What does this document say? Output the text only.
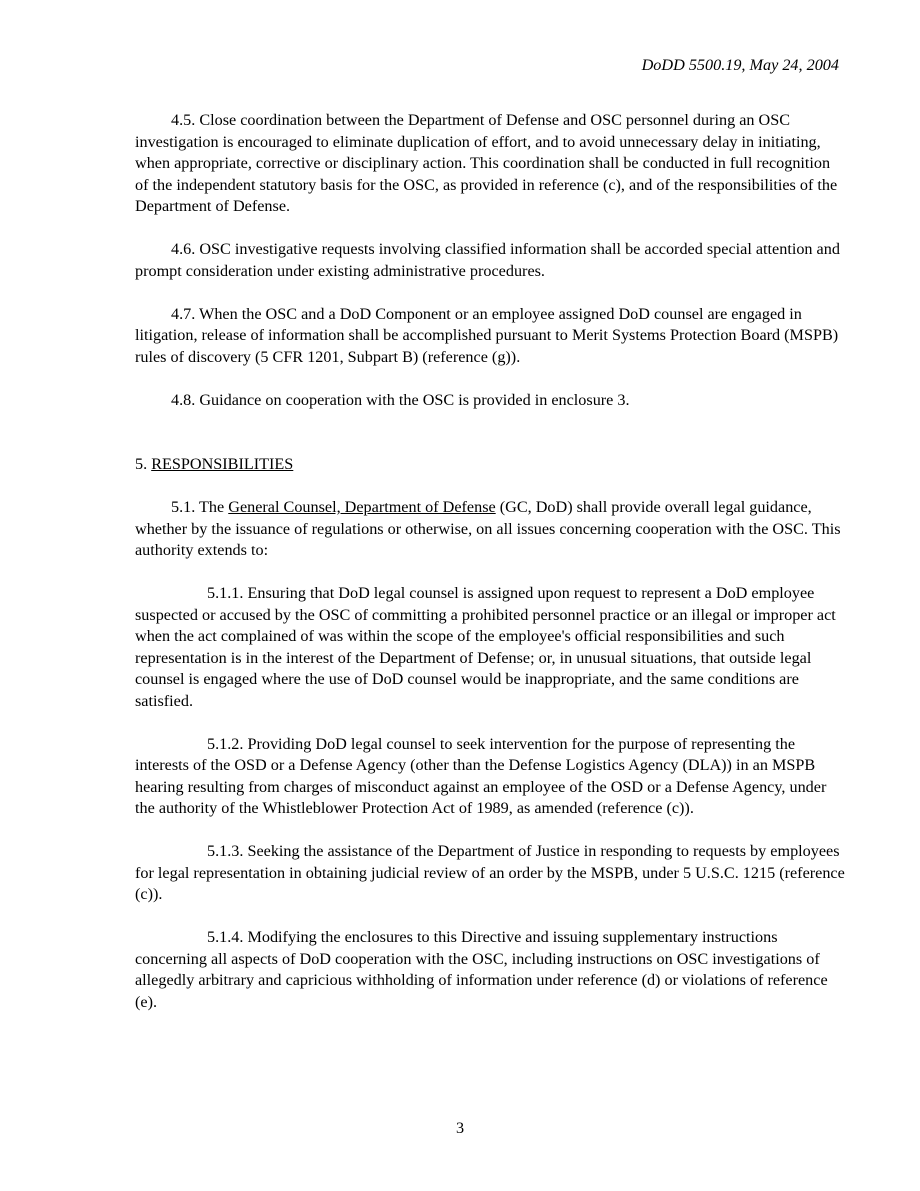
DoDD 5500.19, May 24, 2004

4.5. Close coordination between the Department of Defense and OSC personnel during an OSC investigation is encouraged to eliminate duplication of effort, and to avoid unnecessary delay in initiating, when appropriate, corrective or disciplinary action. This coordination shall be conducted in full recognition of the independent statutory basis for the OSC, as provided in reference (c), and of the responsibilities of the Department of Defense.

4.6. OSC investigative requests involving classified information shall be accorded special attention and prompt consideration under existing administrative procedures.

4.7. When the OSC and a DoD Component or an employee assigned DoD counsel are engaged in litigation, release of information shall be accomplished pursuant to Merit Systems Protection Board (MSPB) rules of discovery (5 CFR 1201, Subpart B) (reference (g)).

4.8. Guidance on cooperation with the OSC is provided in enclosure 3.

5. RESPONSIBILITIES

5.1. The General Counsel, Department of Defense (GC, DoD) shall provide overall legal guidance, whether by the issuance of regulations or otherwise, on all issues concerning cooperation with the OSC. This authority extends to:

5.1.1. Ensuring that DoD legal counsel is assigned upon request to represent a DoD employee suspected or accused by the OSC of committing a prohibited personnel practice or an illegal or improper act when the act complained of was within the scope of the employee's official responsibilities and such representation is in the interest of the Department of Defense; or, in unusual situations, that outside legal counsel is engaged where the use of DoD counsel would be inappropriate, and the same conditions are satisfied.

5.1.2. Providing DoD legal counsel to seek intervention for the purpose of representing the interests of the OSD or a Defense Agency (other than the Defense Logistics Agency (DLA)) in an MSPB hearing resulting from charges of misconduct against an employee of the OSD or a Defense Agency, under the authority of the Whistleblower Protection Act of 1989, as amended (reference (c)).

5.1.3. Seeking the assistance of the Department of Justice in responding to requests by employees for legal representation in obtaining judicial review of an order by the MSPB, under 5 U.S.C. 1215 (reference (c)).

5.1.4. Modifying the enclosures to this Directive and issuing supplementary instructions concerning all aspects of DoD cooperation with the OSC, including instructions on OSC investigations of allegedly arbitrary and capricious withholding of information under reference (d) or violations of reference (e).

3
